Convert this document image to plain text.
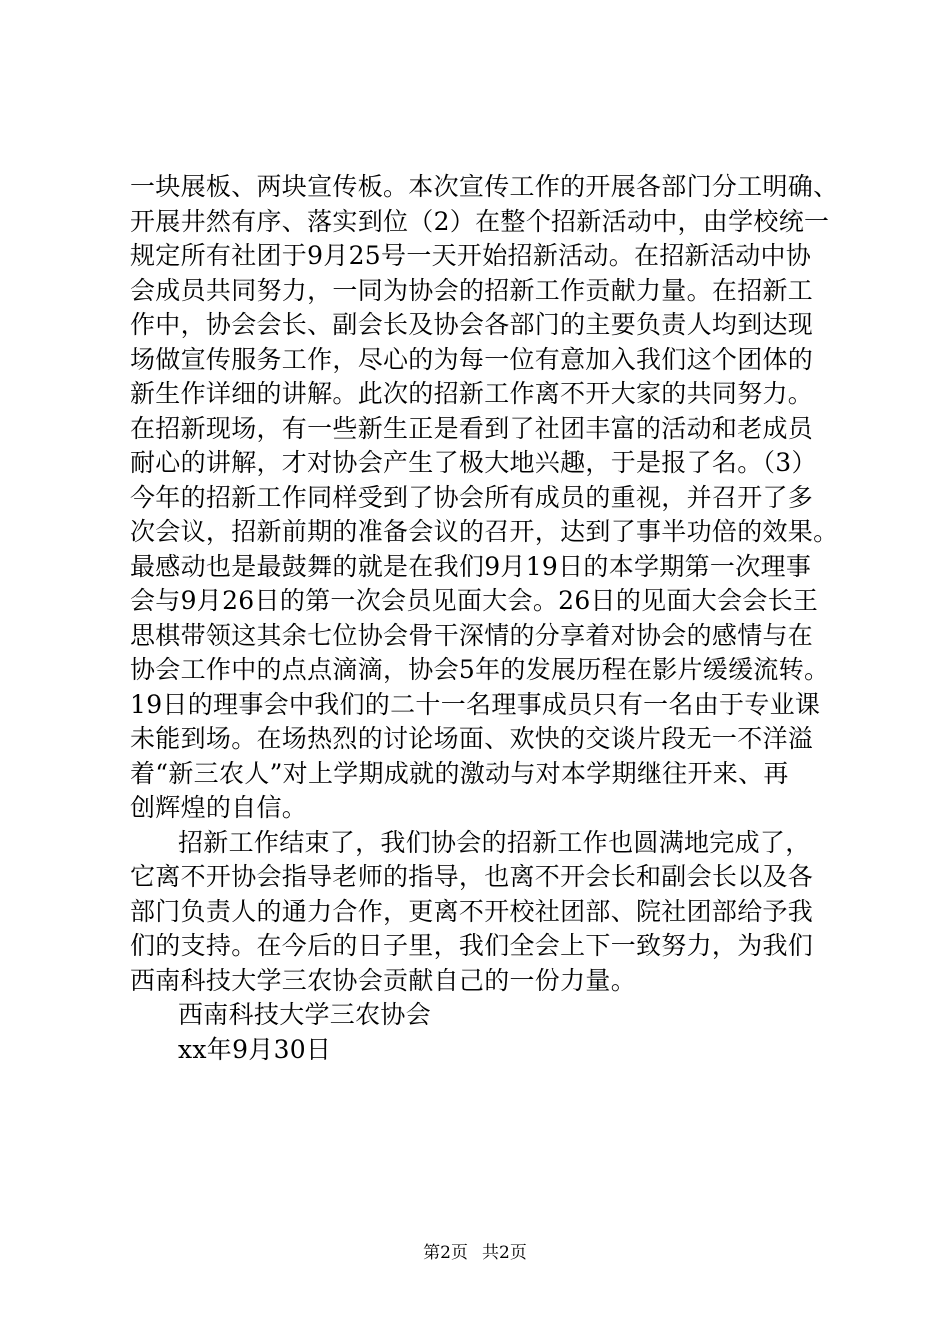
一块展板、两块宣传板。本次宣传工作的开展各部门分工明确、
开展井然有序、落实到位（2）在整个招新活动中，由学校统一
规定所有社团于9月25号一天开始招新活动。在招新活动中协
会成员共同努力，一同为协会的招新工作贡献力量。在招新工
作中，协会会长、副会长及协会各部门的主要负责人均到达现
场做宣传服务工作，尽心的为每一位有意加入我们这个团体的
新生作详细的讲解。此次的招新工作离不开大家的共同努力。
在招新现场，有一些新生正是看到了社团丰富的活动和老成员
耐心的讲解，才对协会产生了极大地兴趣，于是报了名。（3）
今年的招新工作同样受到了协会所有成员的重视，并召开了多
次会议，招新前期的准备会议的召开，达到了事半功倍的效果。
最感动也是最鼓舞的就是在我们9月19日的本学期第一次理事
会与9月26日的第一次会员见面大会。26日的见面大会会长王
思棋带领这其余七位协会骨干深情的分享着对协会的感情与在
协会工作中的点点滴滴，协会5年的发展历程在影片缓缓流转。
19日的理事会中我们的二十一名理事成员只有一名由于专业课
未能到场。在场热烈的讨论场面、欢快的交谈片段无一不洋溢
着“新三农人”对上学期成就的激动与对本学期继往开来、再
创辉煌的自信。
招新工作结束了，我们协会的招新工作也圆满地完成了，
它离不开协会指导老师的指导，也离不开会长和副会长以及各
部门负责人的通力合作，更离不开校社团部、院社团部给予我
们的支持。在今后的日子里，我们全会上下一致努力，为我们
西南科技大学三农协会贡献自己的一份力量。
西南科技大学三农协会
xx年9月30日
第2页 共2页
